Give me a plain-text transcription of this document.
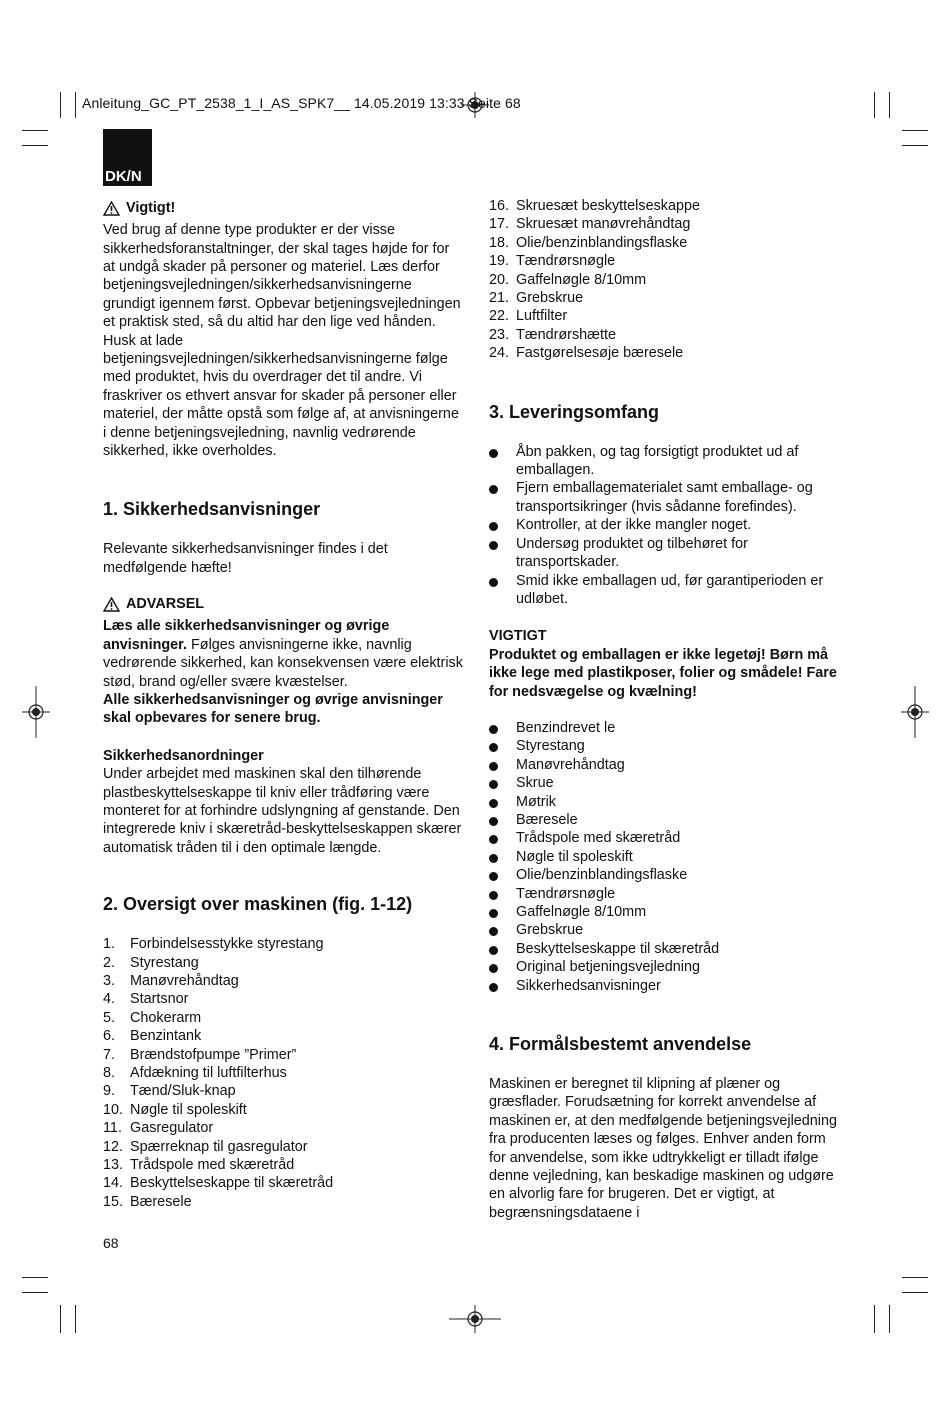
Anleitung_GC_PT_2538_1_I_AS_SPK7__ 14.05.2019 13:33 Seite 68
DK/N
Vigtigt!

Ved brug af denne type produkter er der visse sikkerhedsforanstaltninger, der skal tages højde for for at undgå skader på personer og materiel. Læs derfor betjeningsvejledningen/sikkerhedsanvisningerne grundigt igennem først. Opbevar betjeningsvejledningen et praktisk sted, så du altid har den lige ved hånden. Husk at lade betjeningsvejledningen/sikkerhedsanvisningerne følge med produktet, hvis du overdrager det til andre. Vi fraskriver os ethvert ansvar for skader på personer eller materiel, der måtte opstå som følge af, at anvisningerne i denne betjeningsvejledning, navnlig vedrørende sikkerhed, ikke overholdes.

1. Sikkerhedsanvisninger

Relevante sikkerhedsanvisninger findes i det medfølgende hæfte!

ADVARSEL

Læs alle sikkerhedsanvisninger og øvrige anvisninger. Følges anvisningerne ikke, navnlig vedrørende sikkerhed, kan konsekvensen være elektrisk stød, brand og/eller svære kvæstelser.

Alle sikkerhedsanvisninger og øvrige anvisninger skal opbevares for senere brug.

Sikkerhedsanordninger

Under arbejdet med maskinen skal den tilhørende plastbeskyttelseskappe til kniv eller trådføring være monteret for at forhindre udslyngning af genstande. Den integrerede kniv i skæretråd-beskyttelseskappen skærer automatisk tråden til i den optimale længde.

2. Oversigt over maskinen (fig. 1-12)
1.	Forbindelsesstykke styrestang
2.	Styrestang
3.	Manøvrehåndtag
4.	Startsnor
5.	Chokerarm
6.	Benzintank
7.	Brændstofpumpe ”Primer”
8.	Afdækning til luftfilterhus
9.	Tænd/Sluk-knap
10. Nøgle til spoleskift
11. Gasregulator
12. Spærreknap til gasregulator
13. Trådspole med skæretråd
14. Beskyttelseskappe til skæretråd
15. Bæresele
16. Skruesæt beskyttelseskappe
17. Skruesæt manøvrehåndtag
18. Olie/benzinblandingsflaske
19. Tændrørsnøgle
20. Gaffelnøgle 8/10mm
21. Grebskrue
22. Luftfilter
23. Tændrørshætte
24. Fastgørelsesøje bæresele
3. Leveringsomfang
Åbn pakken, og tag forsigtigt produktet ud af emballagen.
Fjern emballagematerialet samt emballage- og transportsikringer (hvis sådanne forefindes).
Kontroller, at der ikke mangler noget.
Undersøg produktet og tilbehøret for transportskader.
Smid ikke emballagen ud, før garantiperioden er udløbet.

VIGTIGT

Produktet og emballagen er ikke legetøj! Børn må ikke lege med plastikposer, folier og smådele! Fare for nedsvægelse og kvælning!

Benzindrevet le
Styrestang
Manøvrehåndtag
Skrue
Møtrik
Bæresele
Trådspole med skæretråd
Nøgle til spoleskift
Olie/benzinblandingsflaske
Tændrørsnøgle
Gaffelnøgle 8/10mm
Grebskrue
Beskyttelseskappe til skæretråd
Original betjeningsvejledning
Sikkerhedsanvisninger
4. Formålsbestemt anvendelse

Maskinen er beregnet til klipning af plæner og græsflader. Forudsætning for korrekt anvendelse af maskinen er, at den medfølgende betjeningsvejledning fra producenten læses og følges. Enhver anden form for anvendelse, som ikke udtrykkeligt er tilladt ifølge denne vejledning, kan beskadige maskinen og udgøre en alvorlig fare for brugeren. Det er vigtigt, at begrænsningsdataene i

68
